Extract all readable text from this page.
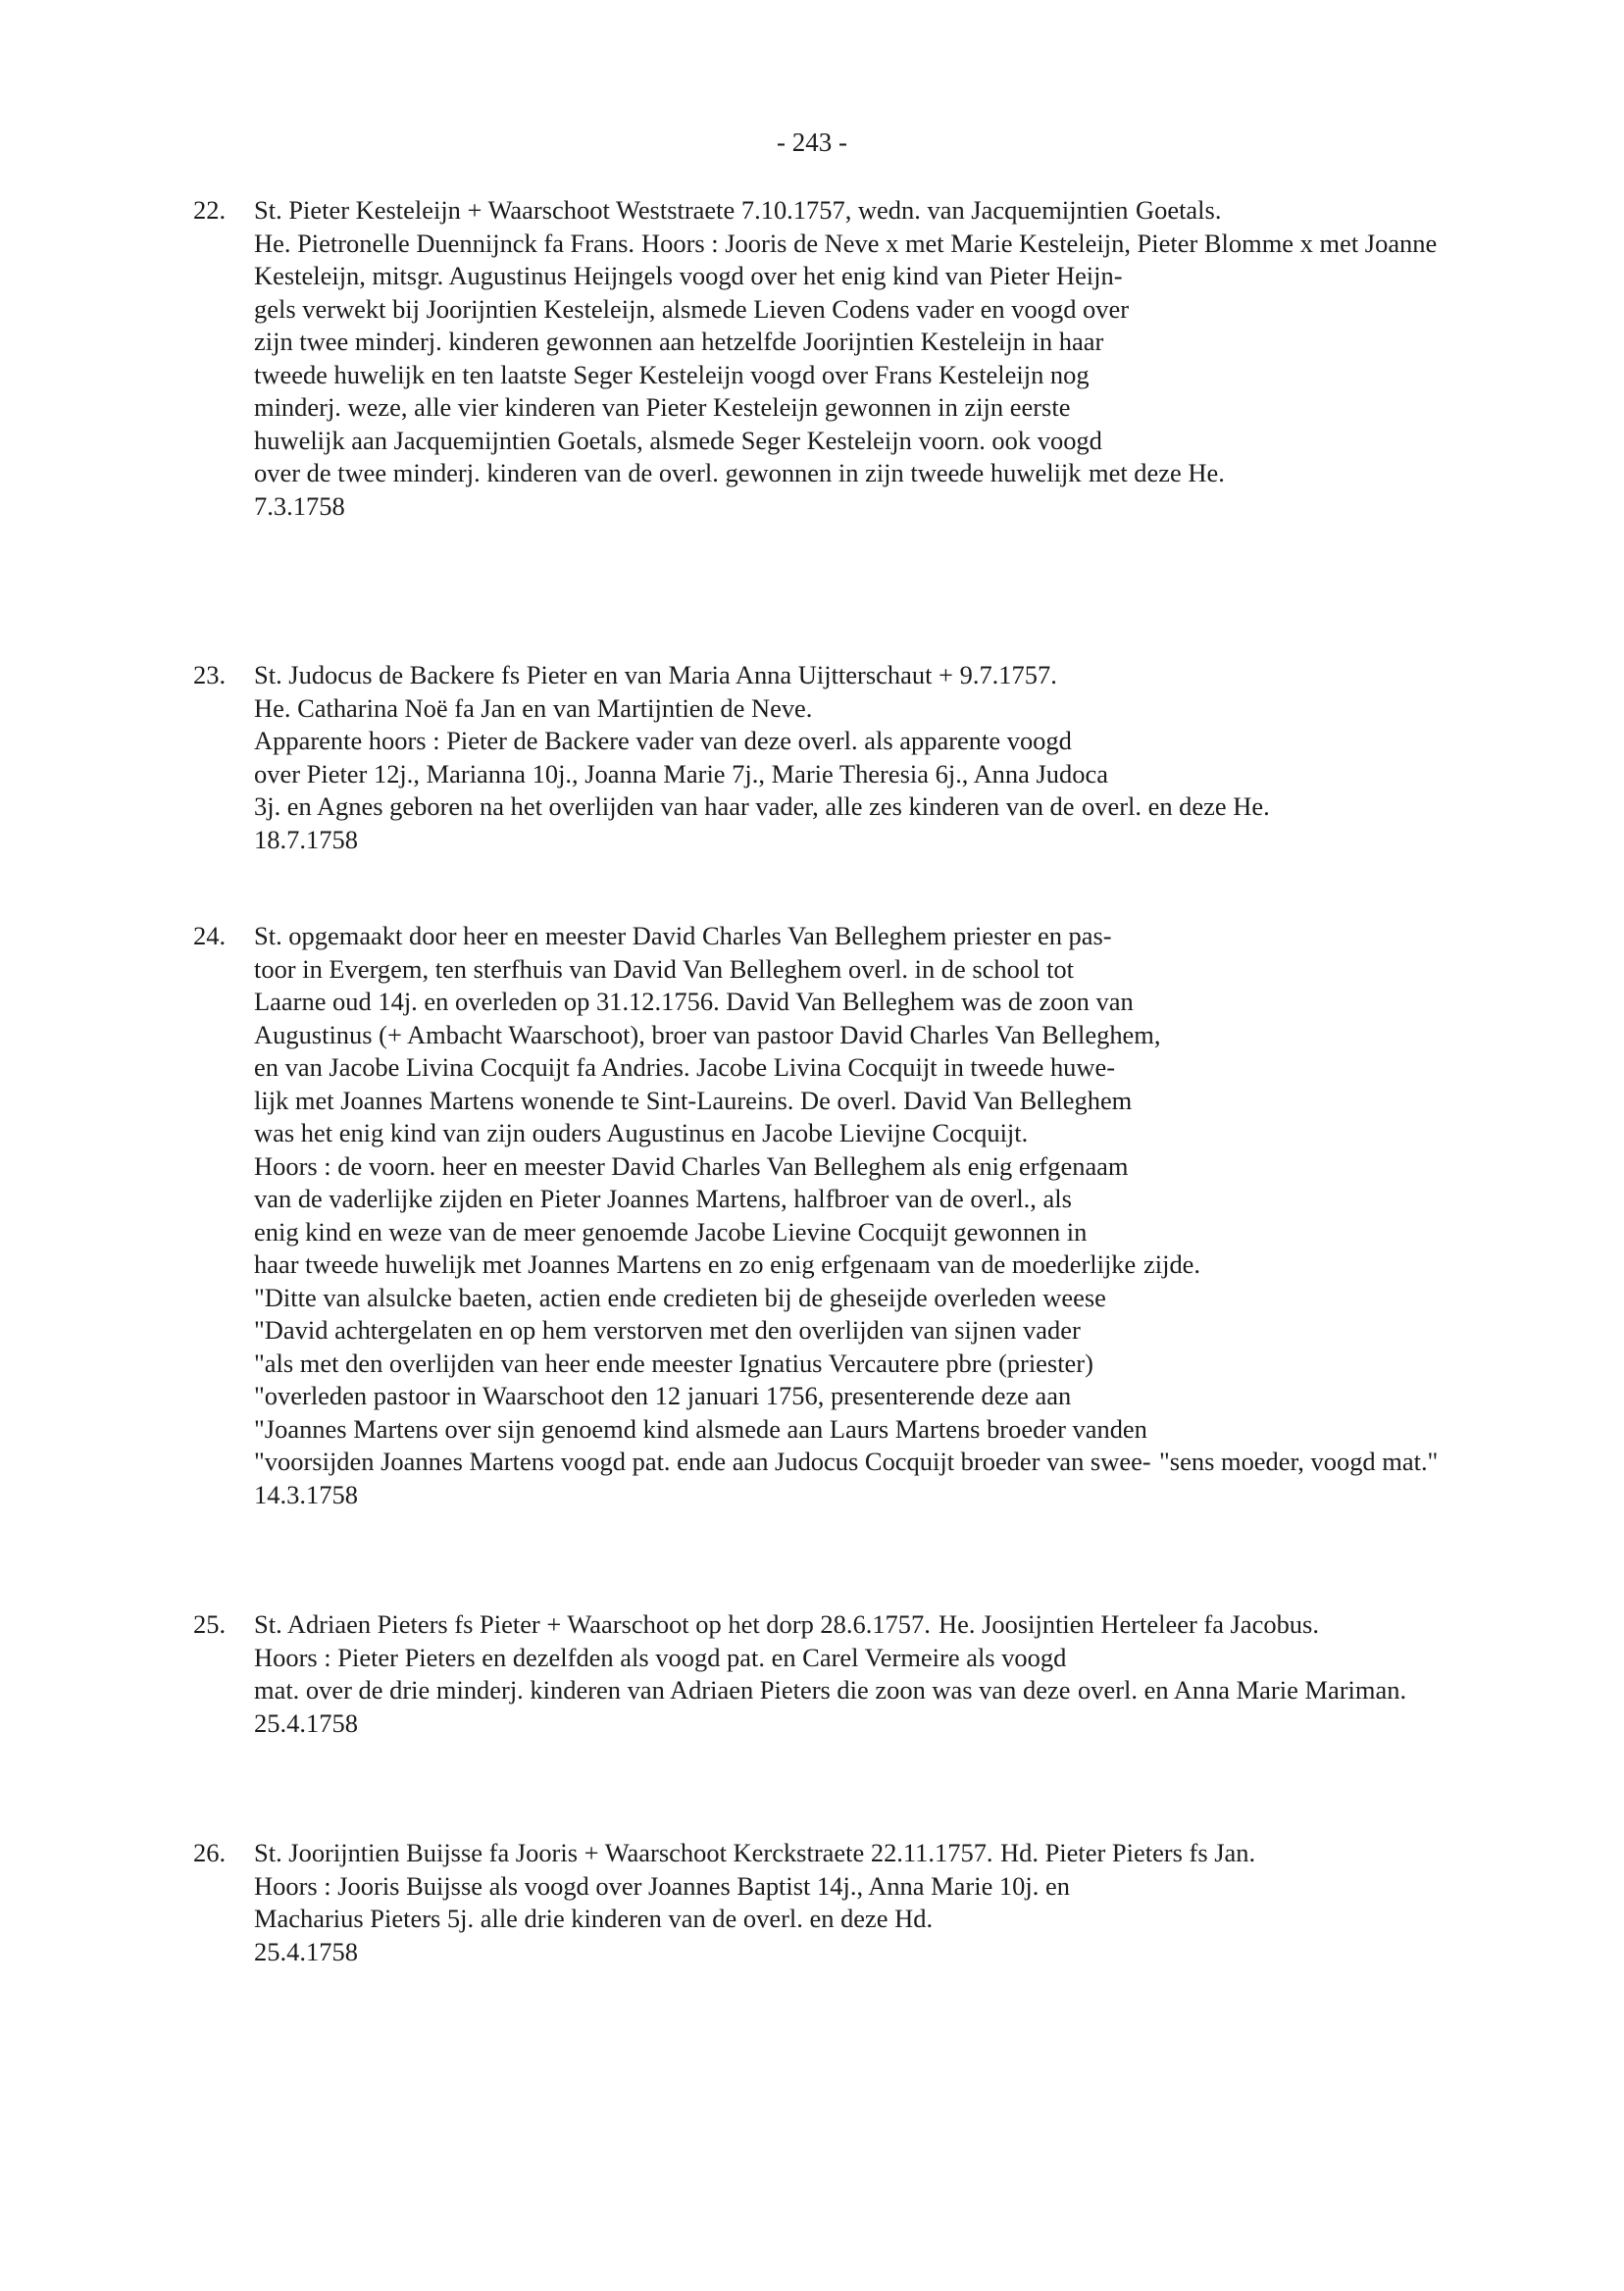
- 243 -
22.	St. Pieter Kesteleijn + Waarschoot Weststraete 7.10.1757, wedn. van Jacquemijntien Goetals. He. Pietronelle Duennijnck fa Frans. Hoors : Jooris de Neve x met Marie Kesteleijn, Pieter Blomme x met Joanne Kesteleijn, mitsgr. Augustinus Heijngels voogd over het enig kind van Pieter Heijn- gels verwekt bij Joorijntien Kesteleijn, alsmede Lieven Codens vader en voogd over zijn twee minderj. kinderen gewonnen aan hetzelfde Joorijntien Kesteleijn in haar tweede huwelijk en ten laatste Seger Kesteleijn voogd over Frans Kesteleijn nog minderj. weze, alle vier kinderen van Pieter Kesteleijn gewonnen in zijn eerste huwelijk aan Jacquemijntien Goetals, alsmede Seger Kesteleijn voorn. ook voogd over de twee minderj. kinderen van de overl. gewonnen in zijn tweede huwelijk met deze He.
7.3.1758
23.	St. Judocus de Backere fs Pieter en van Maria Anna Uijtterschaut + 9.7.1757. He. Catharina Noë fa Jan en van Martijntien de Neve. Apparente hoors : Pieter de Backere vader van deze overl. als apparente voogd over Pieter 12j., Marianna 10j., Joanna Marie 7j., Marie Theresia 6j., Anna Judoca 3j. en Agnes geboren na het overlijden van haar vader, alle zes kinderen van de overl. en deze He.
18.7.1758
24.	St. opgemaakt door heer en meester David Charles Van Belleghem priester en pas- toor in Evergem, ten sterfhuis van David Van Belleghem overl. in de school tot Laarne oud 14j. en overleden op 31.12.1756. David Van Belleghem was de zoon van Augustinus (+ Ambacht Waarschoot), broer van pastoor David Charles Van Belleghem, en van Jacobe Livina Cocquijt fa Andries. Jacobe Livina Cocquijt in tweede huwe- lijk met Joannes Martens wonende te Sint-Laureins. De overl. David Van Belleghem was het enig kind van zijn ouders Augustinus en Jacobe Lievijne Cocquijt. Hoors : de voorn. heer en meester David Charles Van Belleghem als enig erfgenaam van de vaderlijke zijden en Pieter Joannes Martens, halfbroer van de overl., als enig kind en weze van de meer genoemde Jacobe Lievine Cocquijt gewonnen in haar tweede huwelijk met Joannes Martens en zo enig erfgenaam van de moederlijke zijde. "Ditte van alsulcke baeten, actien ende credieten bij de gheseijde overleden weese "David achtergelaten en op hem verstorven met den overlijden van sijnen vader "als met den overlijden van heer ende meester Ignatius Vercautere pbre (priester) "overleden pastoor in Waarschoot den 12 januari 1756, presenterende deze aan "Joannes Martens over sijn genoemd kind alsmede aan Laurs Martens broeder vanden "voorsijden Joannes Martens voogd pat. ende aan Judocus Cocquijt broeder van swee- "sens moeder, voogd mat."
14.3.1758
25.	St. Adriaen Pieters fs Pieter + Waarschoot op het dorp 28.6.1757. He. Joosijntien Herteleer fa Jacobus. Hoors : Pieter Pieters en dezelfden als voogd pat. en Carel Vermeire als voogd mat. over de drie minderj. kinderen van Adriaen Pieters die zoon was van deze overl. en Anna Marie Mariman.
25.4.1758
26.	St. Joorijntien Buijsse fa Jooris + Waarschoot Kerckstraete 22.11.1757. Hd. Pieter Pieters fs Jan. Hoors : Jooris Buijsse als voogd over Joannes Baptist 14j., Anna Marie 10j. en Macharius Pieters 5j. alle drie kinderen van de overl. en deze Hd.
25.4.1758
